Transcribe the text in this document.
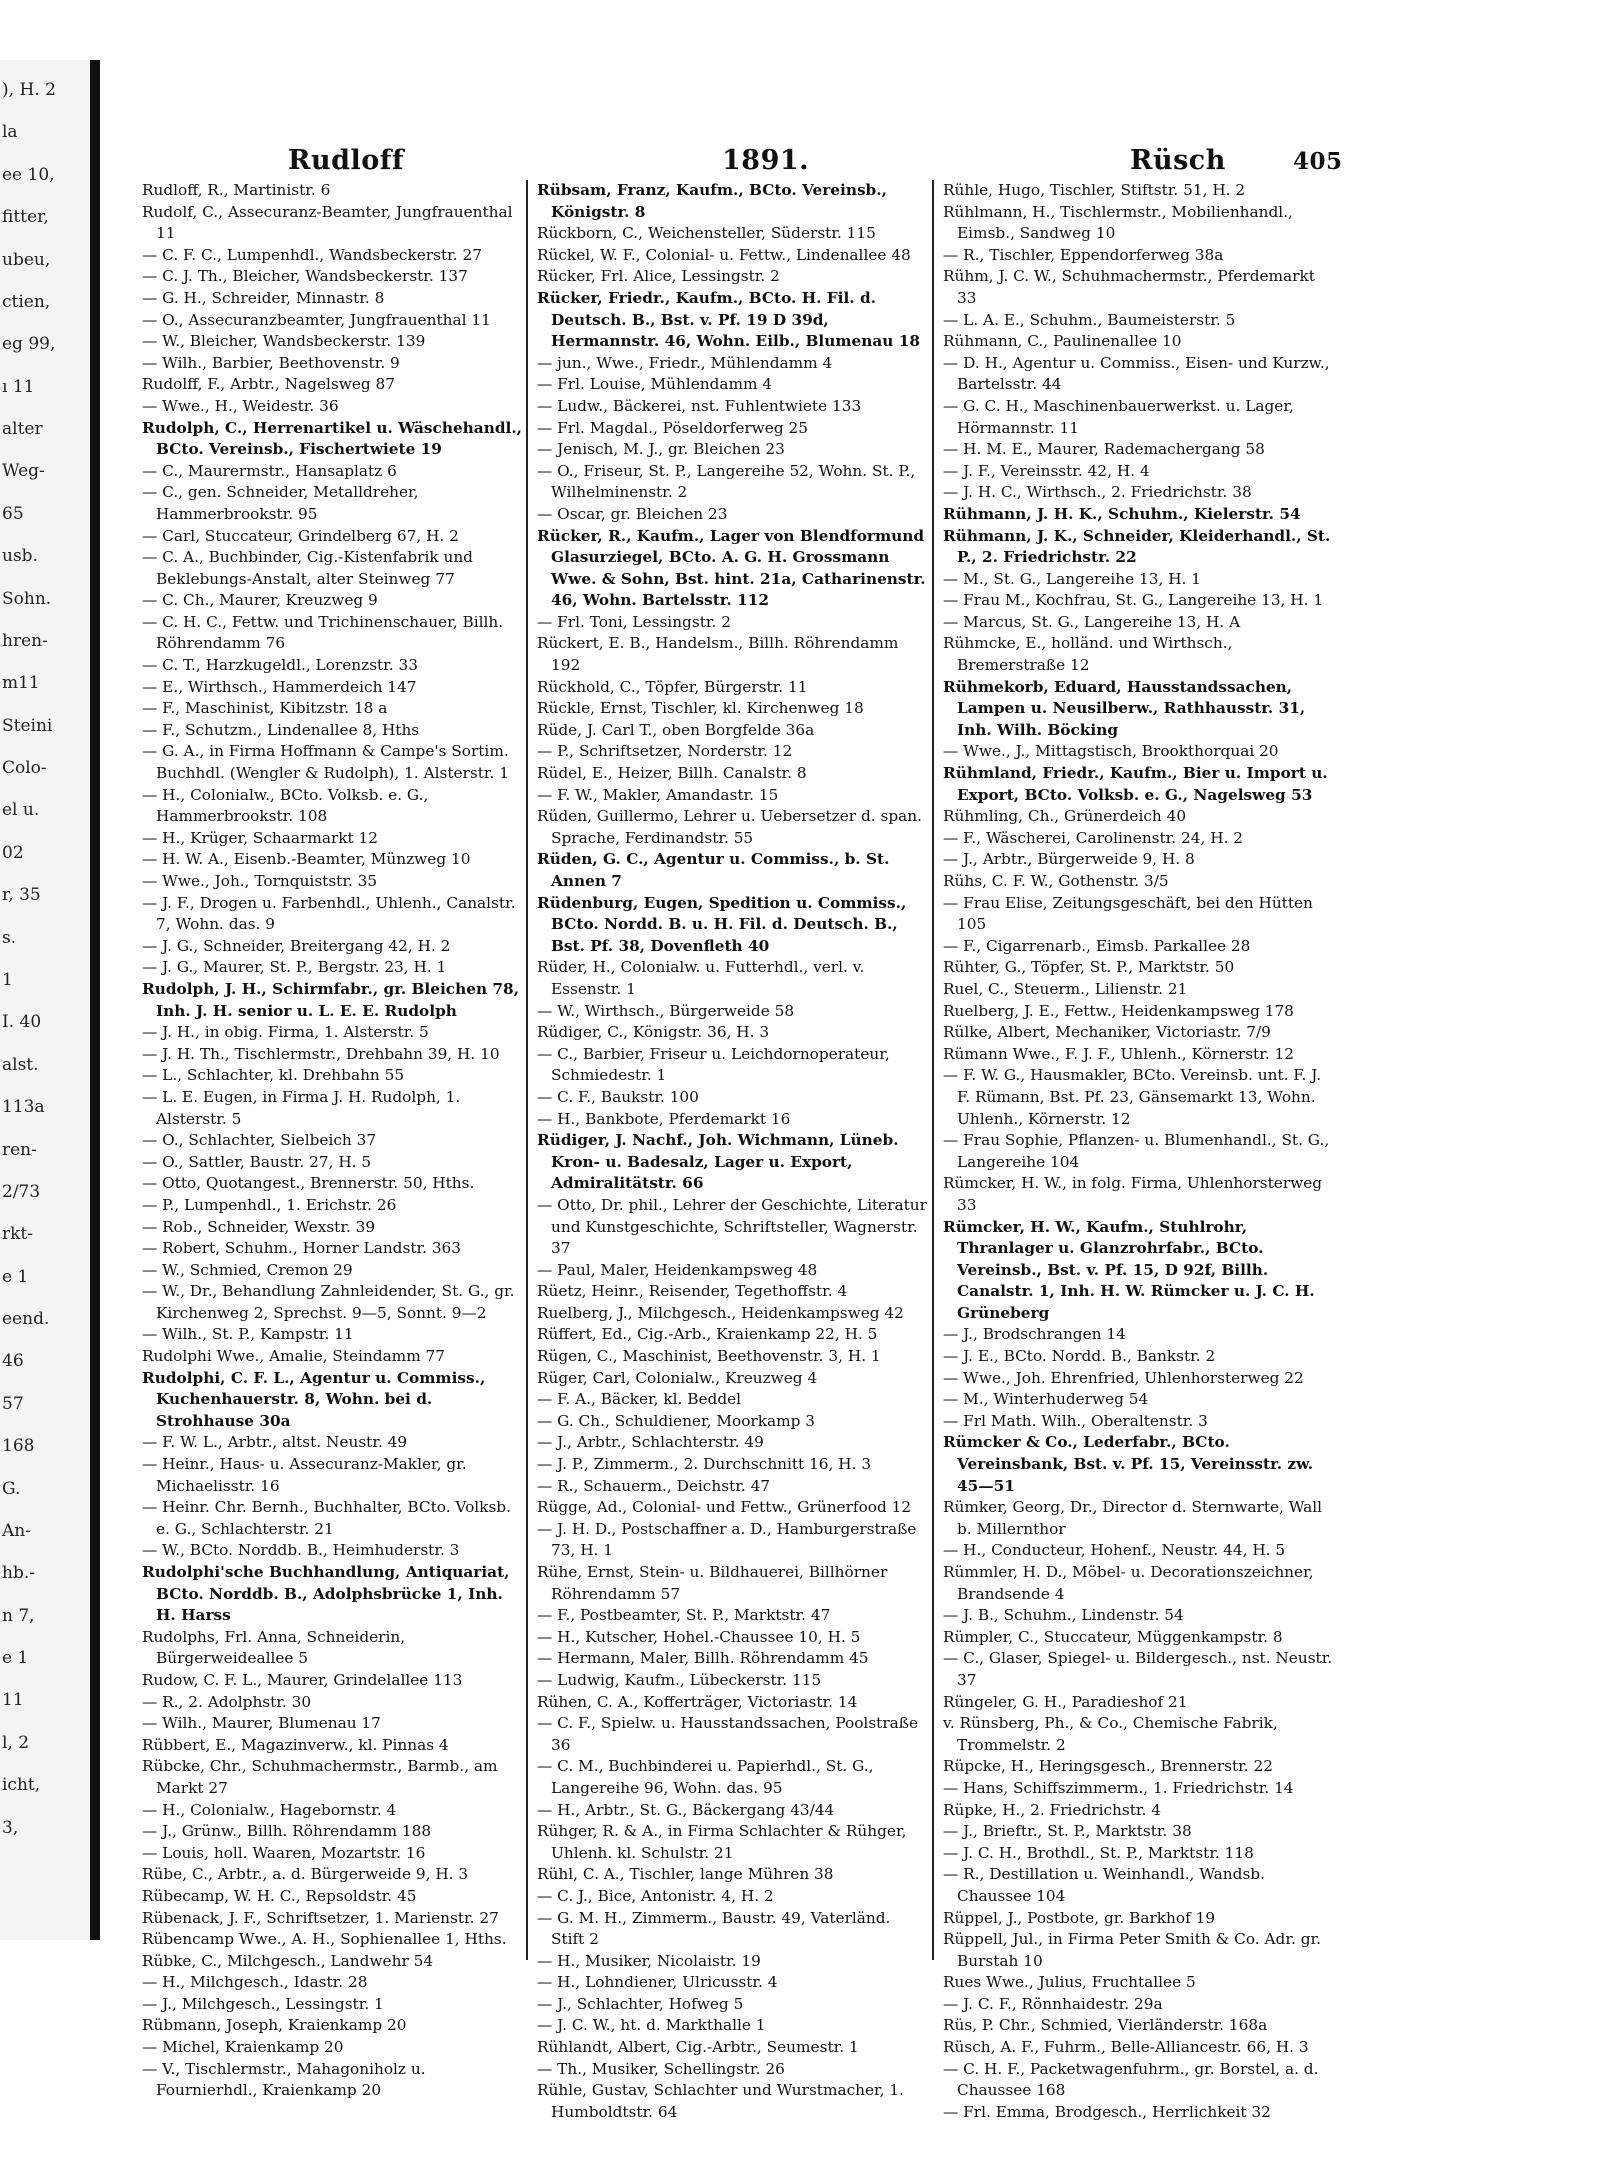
), H. 2
la
ee 10,
fitter,
ubeu,
ctien,
eg 99,
ı 11
alter
Weg-
65
usb.
Sohn.
hren-
m11
Steini
Colo-
el u.
02
r, 35
s.
1
I. 40
alst.
113a
ren-
2/73
rkt-
e 1
eend.
46
57
168
G.
An-
hb.-
n 7,
e 1
11
l, 2
icht,
3,
Rudloff	1891.	Rüsch	405

Rudloff, R., Martinistr. 6

Rudolf, C., Assecuranz-Beamter, Jungfrauenthal 11

— C. F. C., Lumpenhdl., Wandsbeckerstr. 27

— C. J. Th., Bleicher, Wandsbeckerstr. 137

— G. H., Schreider, Minnastr. 8

— O., Assecuranzbeamter, Jungfrauenthal 11

— W., Bleicher, Wandsbeckerstr. 139

— Wilh., Barbier, Beethovenstr. 9

Rudolff, F., Arbtr., Nagelsweg 87

— Wwe., H., Weidestr. 36

Rudolph, C., Herrenartikel u. Wäschehandl., BCto. Vereinsb., Fischertwiete 19

— C., Maurermstr., Hansaplatz 6

— C., gen. Schneider, Metalldreher, Hammerbrookstr. 95

— Carl, Stuccateur, Grindelberg 67, H. 2

— C. A., Buchbinder, Cig.-Kistenfabrik und Beklebungs-Anstalt, alter Steinweg 77

— C. Ch., Maurer, Kreuzweg 9

— C. H. C., Fettw. und Trichinenschauer, Billh. Röhrendamm 76

— C. T., Harzkugeldl., Lorenzstr. 33

— E., Wirthsch., Hammerdeich 147

— F., Maschinist, Kibitzstr. 18 a

— F., Schutzm., Lindenallee 8, Hths

— G. A., in Firma Hoffmann & Campe's Sortim. Buchhdl. (Wengler & Rudolph), 1. Alsterstr. 1

— H., Colonialw., BCto. Volksb. e. G., Hammerbrookstr. 108

— H., Krüger, Schaarmarkt 12

— H. W. A., Eisenb.-Beamter, Münzweg 10

— Wwe., Joh., Tornquiststr. 35

— J. F., Drogen u. Farbenhdl., Uhlenh., Canalstr. 7, Wohn. das. 9

— J. G., Schneider, Breitergang 42, H. 2

— J. G., Maurer, St. P., Bergstr. 23, H. 1

Rudolph, J. H., Schirmfabr., gr. Bleichen 78, Inh. J. H. senior u. L. E. E. Rudolph

— J. H., in obig. Firma, 1. Alsterstr. 5

— J. H. Th., Tischlermstr., Drehbahn 39, H. 10

— L., Schlachter, kl. Drehbahn 55

— L. E. Eugen, in Firma J. H. Rudolph, 1. Alsterstr. 5

— O., Schlachter, Sielbeich 37

— O., Sattler, Baustr. 27, H. 5

— Otto, Quotangest., Brennerstr. 50, Hths.

— P., Lumpenhdl., 1. Erichstr. 26

— Rob., Schneider, Wexstr. 39

— Robert, Schuhm., Horner Landstr. 363

— W., Schmied, Cremon 29

— W., Dr., Behandlung Zahnleidender, St. G., gr. Kirchenweg 2, Sprechst. 9—5, Sonnt. 9—2

— Wilh., St. P., Kampstr. 11

Rudolphi Wwe., Amalie, Steindamm 77

Rudolphi, C. F. L., Agentur u. Commiss., Kuchenhauerstr. 8, Wohn. bei d. Strohhause 30a

— F. W. L., Arbtr., altst. Neustr. 49

— Heinr., Haus- u. Assecuranz-Makler, gr. Michaelisstr. 16

— Heinr. Chr. Bernh., Buchhalter, BCto. Volksb. e. G., Schlachterstr. 21

— W., BCto. Norddb. B., Heimhuderstr. 3

Rudolphi'sche Buchhandlung, Antiquariat, BCto. Norddb. B., Adolphsbrücke 1, Inh. H. Harss

Rudolphs, Frl. Anna, Schneiderin, Bürgerweideallee 5

Rudow, C. F. L., Maurer, Grindelallee 113

— R., 2. Adolphstr. 30

— Wilh., Maurer, Blumenau 17

Rübbert, E., Magazinverw., kl. Pinnas 4

Rübcke, Chr., Schuhmachermstr., Barmb., am Markt 27

— H., Colonialw., Hagebornstr. 4

— J., Grünw., Billh. Röhrendamm 188

— Louis, holl. Waaren, Mozartstr. 16

Rübe, C., Arbtr., a. d. Bürgerweide 9, H. 3

Rübecamp, W. H. C., Repsoldstr. 45

Rübenack, J. F., Schriftsetzer, 1. Marienstr. 27

Rübencamp Wwe., A. H., Sophienallee 1, Hths.

Rübke, C., Milchgesch., Landwehr 54

— H., Milchgesch., Idastr. 28

— J., Milchgesch., Lessingstr. 1

Rübmann, Joseph, Kraienkamp 20

— Michel, Kraienkamp 20

— V., Tischlermstr., Mahagoniholz u. Fournierhdl., Kraienkamp 20

Rübsam, Franz, Kaufm., BCto. Vereinsb., Königstr. 8

Rückborn, C., Weichensteller, Süderstr. 115

Rückel, W. F., Colonial- u. Fettw., Lindenallee 48

Rücker, Frl. Alice, Lessingstr. 2

Rücker, Friedr., Kaufm., BCto. H. Fil. d. Deutsch. B., Bst. v. Pf. 19 D 39d, Hermannstr. 46, Wohn. Eilb., Blumenau 18

— jun., Wwe., Friedr., Mühlendamm 4

— Frl. Louise, Mühlendamm 4

— Ludw., Bäckerei, nst. Fuhlentwiete 133

— Frl. Magdal., Pöseldorferweg 25

— Jenisch, M. J., gr. Bleichen 23

— O., Friseur, St. P., Langereihe 52, Wohn. St. P., Wilhelminenstr. 2

— Oscar, gr. Bleichen 23

Rücker, R., Kaufm., Lager von Blendformund Glasurziegel, BCto. A. G. H. Grossmann Wwe. & Sohn, Bst. hint. 21a, Catharinenstr. 46, Wohn. Bartelsstr. 112

— Frl. Toni, Lessingstr. 2

Rückert, E. B., Handelsm., Billh. Röhrendamm 192

Rückhold, C., Töpfer, Bürgerstr. 11

Rückle, Ernst, Tischler, kl. Kirchenweg 18

Rüde, J. Carl T., oben Borgfelde 36a

— P., Schriftsetzer, Norderstr. 12

Rüdel, E., Heizer, Billh. Canalstr. 8

— F. W., Makler, Amandastr. 15

Rüden, Guillermo, Lehrer u. Uebersetzer d. span. Sprache, Ferdinandstr. 55

Rüden, G. C., Agentur u. Commiss., b. St. Annen 7

Rüdenburg, Eugen, Spedition u. Commiss., BCto. Nordd. B. u. H. Fil. d. Deutsch. B., Bst. Pf. 38, Dovenfleth 40

Rüder, H., Colonialw. u. Futterhdl., verl. v. Essenstr. 1

— W., Wirthsch., Bürgerweide 58

Rüdiger, C., Königstr. 36, H. 3

— C., Barbier, Friseur u. Leichdornoperateur, Schmiedestr. 1

— C. F., Baukstr. 100

— H., Bankbote, Pferdemarkt 16

Rüdiger, J. Nachf., Joh. Wichmann, Lüneb. Kron- u. Badesalz, Lager u. Export, Admiralitätstr. 66

— Otto, Dr. phil., Lehrer der Geschichte, Literatur und Kunstgeschichte, Schriftsteller, Wagnerstr. 37

— Paul, Maler, Heidenkampsweg 48

Rüetz, Heinr., Reisender, Tegethoffstr. 4

Ruelberg, J., Milchgesch., Heidenkampsweg 42

Rüffert, Ed., Cig.-Arb., Kraienkamp 22, H. 5

Rügen, C., Maschinist, Beethovenstr. 3, H. 1

Rüger, Carl, Colonialw., Kreuzweg 4

— F. A., Bäcker, kl. Beddel

— G. Ch., Schuldiener, Moorkamp 3

— J., Arbtr., Schlachterstr. 49

— J. P., Zimmerm., 2. Durchschnitt 16, H. 3

— R., Schauerm., Deichstr. 47

Rügge, Ad., Colonial- und Fettw., Grünerfood 12

— J. H. D., Postschaffner a. D., Hamburgerstraße 73, H. 1

Rühe, Ernst, Stein- u. Bildhauerei, Billhörner Röhrendamm 57

— F., Postbeamter, St. P., Marktstr. 47

— H., Kutscher, Hohel.-Chaussee 10, H. 5

— Hermann, Maler, Billh. Röhrendamm 45

— Ludwig, Kaufm., Lübeckerstr. 115

Rühen, C. A., Kofferträger, Victoriastr. 14

— C. F., Spielw. u. Hausstandssachen, Poolstraße 36

— C. M., Buchbinderei u. Papierhdl., St. G., Langereihe 96, Wohn. das. 95

— H., Arbtr., St. G., Bäckergang 43/44

Rühger, R. & A., in Firma Schlachter & Rühger, Uhlenh. kl. Schulstr. 21

Rühl, C. A., Tischler, lange Mühren 38

— C. J., Bice, Antonistr. 4, H. 2

— G. M. H., Zimmerm., Baustr. 49, Vaterländ. Stift 2

— H., Musiker, Nicolaistr. 19

— H., Lohndiener, Ulricusstr. 4

— J., Schlachter, Hofweg 5

— J. C. W., ht. d. Markthalle 1

Rühlandt, Albert, Cig.-Arbtr., Seumestr. 1

— Th., Musiker, Schellingstr. 26

Rühle, Gustav, Schlachter und Wurstmacher, 1. Humboldtstr. 64

Rühle, Hugo, Tischler, Stiftstr. 51, H. 2

Rühlmann, H., Tischlermstr., Mobilienhandl., Eimsb., Sandweg 10

— R., Tischler, Eppendorferweg 38a

Rühm, J. C. W., Schuhmachermstr., Pferdemarkt 33

— L. A. E., Schuhm., Baumeisterstr. 5

Rühmann, C., Paulinenallee 10

— D. H., Agentur u. Commiss., Eisen- und Kurzw., Bartelsstr. 44

— G. C. H., Maschinenbauerwerkst. u. Lager, Hörmannstr. 11

— H. M. E., Maurer, Rademachergang 58

— J. F., Vereinsstr. 42, H. 4

— J. H. C., Wirthsch., 2. Friedrichstr. 38

Rühmann, J. H. K., Schuhm., Kielerstr. 54

Rühmann, J. K., Schneider, Kleiderhandl., St. P., 2. Friedrichstr. 22

— M., St. G., Langereihe 13, H. 1

— Frau M., Kochfrau, St. G., Langereihe 13, H. 1

— Marcus, St. G., Langereihe 13, H. A

Rühmcke, E., holländ. und Wirthsch., Bremerstraße 12

Rühmekorb, Eduard, Hausstandssachen, Lampen u. Neusilberw., Rathhausstr. 31, Inh. Wilh. Böcking

— Wwe., J., Mittagstisch, Brookthorquai 20

Rühmland, Friedr., Kaufm., Bier u. Import u. Export, BCto. Volksb. e. G., Nagelsweg 53

Rühmling, Ch., Grünerdeich 40

— F., Wäscherei, Carolinenstr. 24, H. 2

— J., Arbtr., Bürgerweide 9, H. 8

Rühs, C. F. W., Gothenstr. 3/5

— Frau Elise, Zeitungsgeschäft, bei den Hütten 105

— F., Cigarrenarb., Eimsb. Parkallee 28

Rühter, G., Töpfer, St. P., Marktstr. 50

Ruel, C., Steuerm., Lilienstr. 21

Ruelberg, J. E., Fettw., Heidenkampsweg 178

Rülke, Albert, Mechaniker, Victoriastr. 7/9

Rümann Wwe., F. J. F., Uhlenh., Körnerstr. 12

— F. W. G., Hausmakler, BCto. Vereinsb. unt. F. J. F. Rümann, Bst. Pf. 23, Gänsemarkt 13, Wohn. Uhlenh., Körnerstr. 12

— Frau Sophie, Pflanzen- u. Blumenhandl., St. G., Langereihe 104

Rümcker, H. W., in folg. Firma, Uhlenhorsterweg 33

Rümcker, H. W., Kaufm., Stuhlrohr, Thranlager u. Glanzrohrfabr., BCto. Vereinsb., Bst. v. Pf. 15, D 92f, Billh. Canalstr. 1, Inh. H. W. Rümcker u. J. C. H. Grüneberg

— J., Brodschrangen 14

— J. E., BCto. Nordd. B., Bankstr. 2

— Wwe., Joh. Ehrenfried, Uhlenhorsterweg 22

— M., Winterhuderweg 54

— Frl Math. Wilh., Oberaltenstr. 3

Rümcker & Co., Lederfabr., BCto. Vereinsbank, Bst. v. Pf. 15, Vereinsstr. zw. 45—51

Rümker, Georg, Dr., Director d. Sternwarte, Wall b. Millernthor

— H., Conducteur, Hohenf., Neustr. 44, H. 5

Rümmler, H. D., Möbel- u. Decorationszeichner, Brandsende 4

— J. B., Schuhm., Lindenstr. 54

Rümpler, C., Stuccateur, Müggenkampstr. 8

— C., Glaser, Spiegel- u. Bildergesch., nst. Neustr. 37

Rüngeler, G. H., Paradieshof 21

v. Rünsberg, Ph., & Co., Chemische Fabrik, Trommelstr. 2

Rüpcke, H., Heringsgesch., Brennerstr. 22

— Hans, Schiffszimmerm., 1. Friedrichstr. 14

Rüpke, H., 2. Friedrichstr. 4

— J., Brieftr., St. P., Marktstr. 38

— J. C. H., Brothdl., St. P., Marktstr. 118

— R., Destillation u. Weinhandl., Wandsb. Chaussee 104

Rüppel, J., Postbote, gr. Barkhof 19

Rüppell, Jul., in Firma Peter Smith & Co. Adr. gr. Burstah 10

Rues Wwe., Julius, Fruchtallee 5

— J. C. F., Rönnhaidestr. 29a

Rüs, P. Chr., Schmied, Vierländerstr. 168a

Rüsch, A. F., Fuhrm., Belle-Alliancestr. 66, H. 3

— C. H. F., Packetwagenfuhrm., gr. Borstel, a. d. Chaussee 168

— Frl. Emma, Brodgesch., Herrlichkeit 32
